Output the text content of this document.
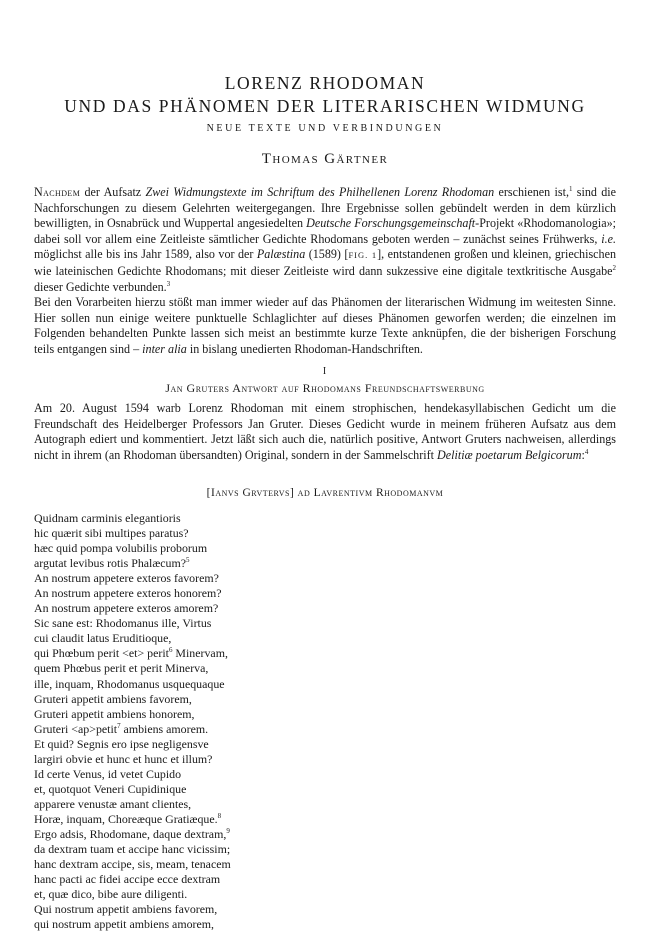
LORENZ RHODOMAN
UND DAS PHÄNOMEN DER LITERARISCHEN WIDMUNG
NEUE TEXTE UND VERBINDUNGEN
Thomas Gärtner
Nachdem der Aufsatz Zwei Widmungstexte im Schriftum des Philhellenen Lorenz Rhodoman erschienen ist,$^1$ sind die Nachforschungen zu diesem Gelehrten weitergegangen. Ihre Ergebnisse sollen gebündelt werden in dem kürzlich bewilligten, in Osnabrück und Wuppertal angesiedelten Deutsche Forschungsgemeinschaft-Projekt «Rhodomanologia»; dabei soll vor allem eine Zeitleiste sämtlicher Gedichte Rhodomans geboten werden – zunächst seines Frühwerks, i.e. möglichst alle bis ins Jahr 1589, also vor der Palæstina (1589) [FIG. 1], entstandenen großen und kleinen, griechischen wie lateinischen Gedichte Rhodomans; mit dieser Zeitleiste wird dann sukzessive eine digitale textkritische Ausgabe$^2$ dieser Gedichte verbunden.$^3$
Bei den Vorarbeiten hierzu stößt man immer wieder auf das Phänomen der literarischen Widmung im weitesten Sinne. Hier sollen nun einige weitere punktuelle Schlaglichter auf dieses Phänomen geworfen werden; die einzelnen im Folgenden behandelten Punkte lassen sich meist an bestimmte kurze Texte anknüpfen, die der bisherigen Forschung teils entgangen sind – inter alia in bislang unedierten Rhodoman-Handschriften.
I
Jan Gruters Antwort auf Rhodomans Freundschaftswerbung
Am 20. August 1594 warb Lorenz Rhodoman mit einem strophischen, hendekasyllabischen Gedicht um die Freundschaft des Heidelberger Professors Jan Gruter. Dieses Gedicht wurde in meinem früheren Aufsatz aus dem Autograph ediert und kommentiert. Jetzt läßt sich auch die, natürlich positive, Antwort Gruters nachweisen, allerdings nicht in ihrem (an Rhodoman übersandten) Original, sondern in der Sammelschrift Delitiæ poetarum Belgicorum:$^4$
[Ianvs Grvtervs] ad Lavrentivm Rhodomanvm
Quidnam carminis elegantioris
hic quærit sibi multipes paratus?
hæc quid pompa volubilis proborum
argutat levibus rotis Phalæcum?$^5$
An nostrum appetere exteros favorem?
An nostrum appetere exteros honorem?
An nostrum appetere exteros amorem?
Sic sane est: Rhodomanus ille, Virtus
cui claudit latus Eruditioque,
qui Phœbum perit <et> perit$^6$ Minervam,
quem Phœbus perit et perit Minerva,
ille, inquam, Rhodomanus usquequaque
Gruteri appetit ambiens favorem,
Gruteri appetit ambiens honorem,
Gruteri <ap>petit$^7$ ambiens amorem.
Et quid? Segnis ero ipse negligensve
largiri obvie et hunc et hunc et illum?
Id certe Venus, id vetet Cupido
et, quotquot Veneri Cupidinique
apparere venustæ amant clientes,
Horæ, inquam, Choreæque Gratiæque.$^8$
Ergo adsis, Rhodomane, daque dextram,$^9$
da dextram tuam et accipe hanc vicissim;
hanc dextram accipe, sis, meam, tenacem
hanc pacti ac fidei accipe ecce dextram
et, quæ dico, bibe aure diligenti.
Qui nostrum appetit ambiens favorem,
qui nostrum appetit ambiens amorem,
